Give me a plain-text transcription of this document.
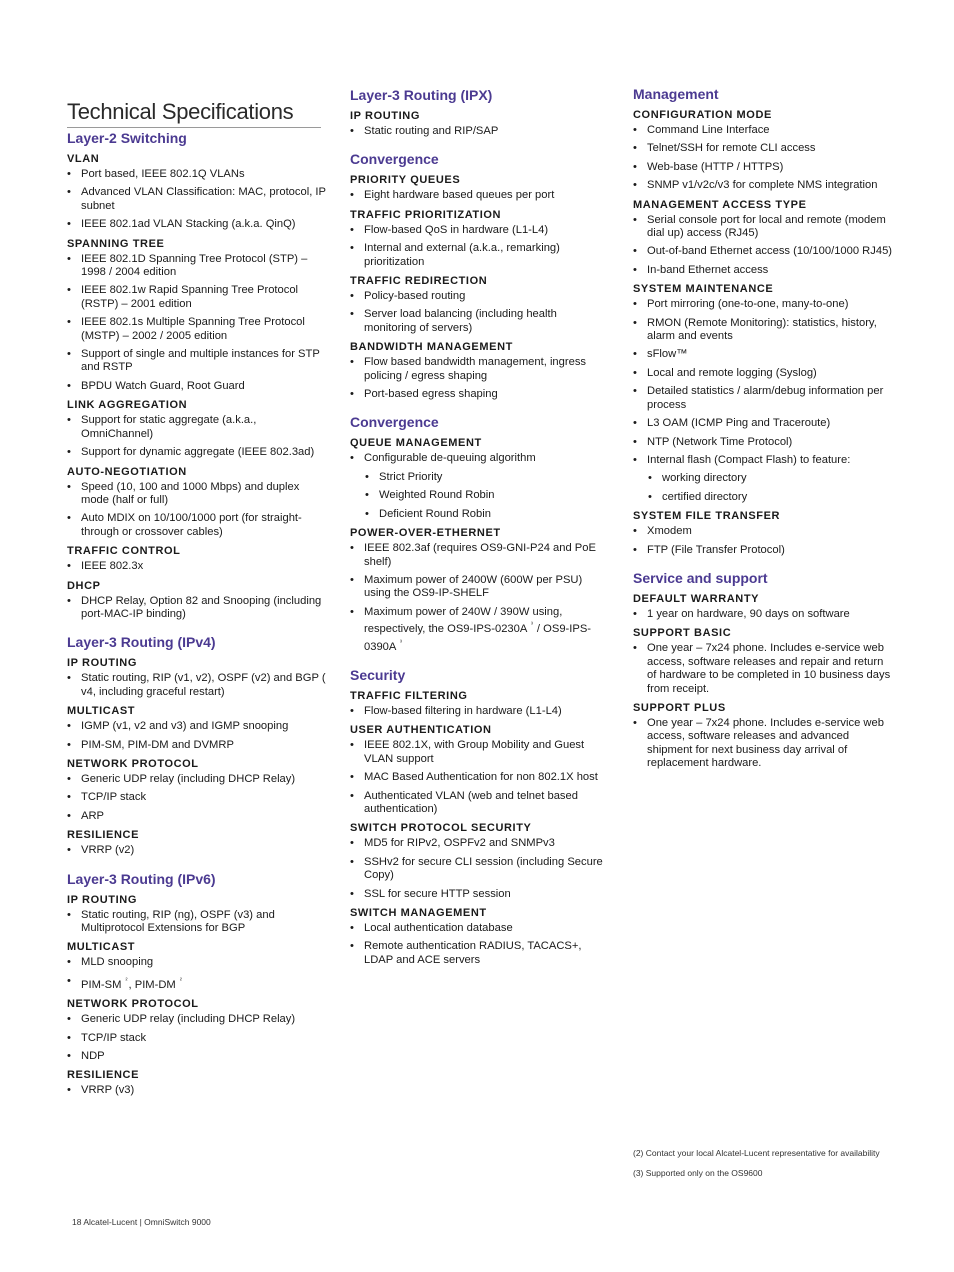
Technical Specifications
Layer-2 Switching
VLAN
• Port based, IEEE 802.1Q VLANs
• Advanced VLAN Classification: MAC, protocol, IP subnet
• IEEE 802.1ad VLAN Stacking (a.k.a. QinQ)
SPANNING TREE
• IEEE 802.1D Spanning Tree Protocol (STP) – 1998 / 2004 edition
• IEEE 802.1w Rapid Spanning Tree Protocol (RSTP) – 2001 edition
• IEEE 802.1s Multiple Spanning Tree Protocol (MSTP) – 2002 / 2005 edition
• Support of single and multiple instances for STP and RSTP
• BPDU Watch Guard, Root Guard
LINK AGGREGATION
• Support for static aggregate (a.k.a., OmniChannel)
• Support for dynamic aggregate (IEEE 802.3ad)
AUTO-NEGOTIATION
• Speed (10, 100 and 1000 Mbps) and duplex mode (half or full)
• Auto MDIX on 10/100/1000 port (for straight-through or crossover cables)
TRAFFIC CONTROL
• IEEE 802.3x
DHCP
• DHCP Relay, Option 82 and Snooping (including port-MAC-IP binding)
Layer-3 Routing (IPv4)
IP ROUTING
• Static routing, RIP (v1, v2), OSPF (v2) and BGP ( v4, including graceful restart)
MULTICAST
• IGMP (v1, v2 and v3) and IGMP snooping
• PIM-SM, PIM-DM and DVMRP
NETWORK PROTOCOL
• Generic UDP relay (including DHCP Relay)
• TCP/IP stack
• ARP
RESILIENCE
• VRRP (v2)
Layer-3 Routing (IPv6)
IP ROUTING
• Static routing, RIP (ng), OSPF (v3) and Multiprotocol Extensions for BGP
MULTICAST
• MLD snooping
• PIM-SM $^{^2}$, PIM-DM $^{^2}$
NETWORK PROTOCOL
• Generic UDP relay (including DHCP Relay)
• TCP/IP stack
• NDP
RESILIENCE
• VRRP (v3)
Layer-3 Routing (IPX)
IP ROUTING
• Static routing and RIP/SAP
Convergence
PRIORITY QUEUES
• Eight hardware based queues per port
TRAFFIC PRIORITIZATION
• Flow-based QoS in hardware (L1-L4)
• Internal and external (a.k.a., remarking) prioritization
TRAFFIC REDIRECTION
• Policy-based routing
• Server load balancing (including health monitoring of servers)
BANDWIDTH MANAGEMENT
• Flow based bandwidth management, ingress policing / egress shaping
• Port-based egress shaping
Convergence
QUEUE MANAGEMENT
• Configurable de-queuing algorithm
• Strict Priority
• Weighted Round Robin
• Deficient Round Robin
POWER-OVER-ETHERNET
• IEEE 802.3af (requires OS9-GNI-P24 and PoE shelf)
• Maximum power of 2400W (600W per PSU) using the OS9-IP-SHELF
• Maximum power of 240W / 390W using, respectively, the OS9-IPS-0230A $^{^3}$ / OS9-IPS-0390A $^{^3}$
Security
TRAFFIC FILTERING
• Flow-based filtering in hardware (L1-L4)
USER AUTHENTICATION
• IEEE 802.1X, with Group Mobility and Guest VLAN support
• MAC Based Authentication for non 802.1X host
• Authenticated VLAN (web and telnet based authentication)
SWITCH PROTOCOL SECURITY
• MD5 for RIPv2, OSPFv2 and SNMPv3
• SSHv2 for secure CLI session (including Secure Copy)
• SSL for secure HTTP session
SWITCH MANAGEMENT
• Local authentication database
• Remote authentication RADIUS, TACACS+, LDAP and ACE servers
Management
CONFIGURATION MODE
• Command Line Interface
• Telnet/SSH for remote CLI access
• Web-base (HTTP / HTTPS)
• SNMP v1/v2c/v3 for complete NMS integration
MANAGEMENT ACCESS TYPE
• Serial console port for local and remote (modem dial up) access (RJ45)
• Out-of-band Ethernet access (10/100/1000 RJ45)
• In-band Ethernet access
SYSTEM MAINTENANCE
• Port mirroring (one-to-one, many-to-one)
• RMON (Remote Monitoring): statistics, history, alarm and events
• sFlow™
• Local and remote logging (Syslog)
• Detailed statistics / alarm/debug information per process
• L3 OAM (ICMP Ping and Traceroute)
• NTP (Network Time Protocol)
• Internal flash (Compact Flash) to feature:
• working directory
• certified directory
SYSTEM FILE TRANSFER
• Xmodem
• FTP (File Transfer Protocol)
Service and support
DEFAULT WARRANTY
• 1 year on hardware, 90 days on software
SUPPORT BASIC
• One year – 7x24 phone. Includes e-service web access, software releases and repair and return of hardware to be completed in 10 business days from receipt.
SUPPORT PLUS
• One year – 7x24 phone. Includes e-service web access, software releases and advanced shipment for next business day arrival of replacement hardware.
(2) Contact your local Alcatel-Lucent representative for availability
(3) Supported only on the OS9600
18 Alcatel-Lucent | OmniSwitch 9000
